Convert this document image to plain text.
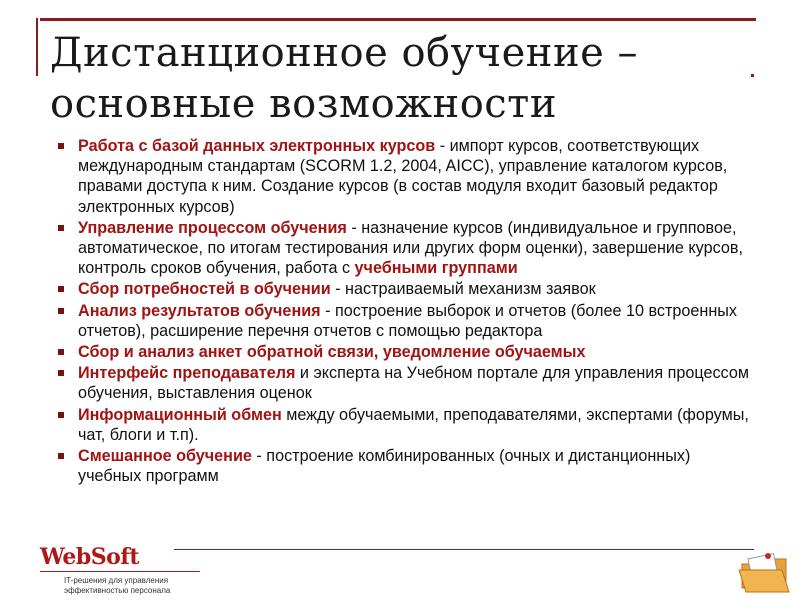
Дистанционное обучение –
основные возможности
Работа с базой данных электронных курсов - импорт курсов, соответствующих международным стандартам (SCORM 1.2, 2004, AICC), управление каталогом курсов, правами доступа к ним. Создание курсов (в состав модуля входит базовый редактор электронных курсов)
Управление процессом обучения - назначение курсов (индивидуальное и групповое, автоматическое, по итогам тестирования или других форм оценки), завершение курсов, контроль сроков обучения, работа с учебными группами
Сбор потребностей в обучении - настраиваемый механизм заявок
Анализ результатов обучения - построение выборок и отчетов (более 10 встроенных отчетов), расширение перечня отчетов с помощью редактора
Сбор и анализ анкет обратной связи, уведомление обучаемых
Интерфейс преподавателя и эксперта на Учебном портале для управления процессом обучения, выставления оценок
Информационный обмен между обучаемыми, преподавателями, экспертами (форумы, чат, блоги и т.п).
Смешанное обучение - построение комбинированных (очных и дистанционных) учебных программ
WebSoft
IT-решения для управления
эффективностью персонала
